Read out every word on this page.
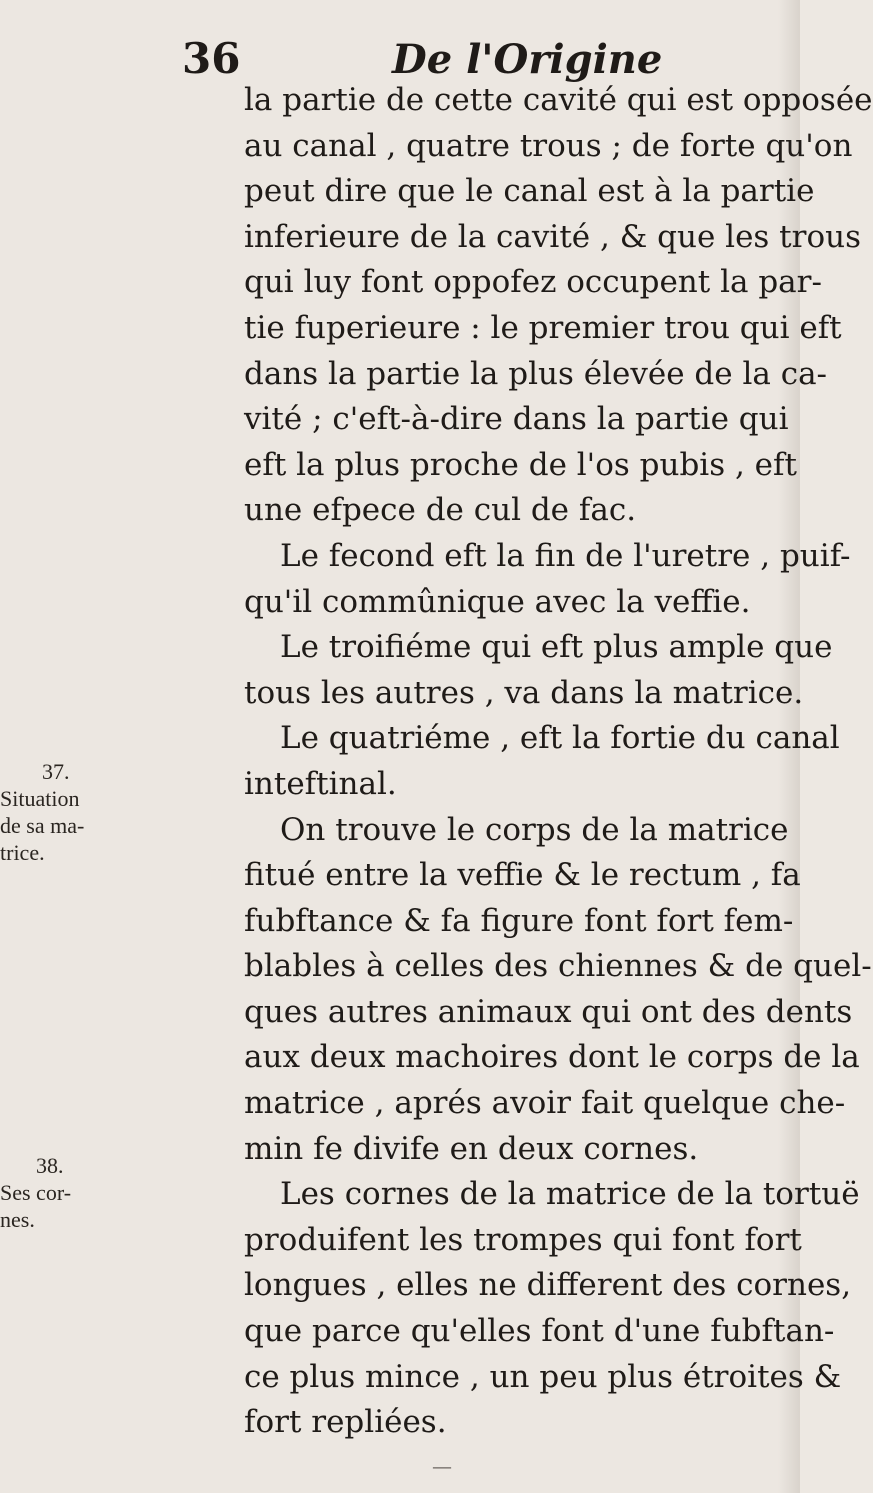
36	De l'Origine
37.
Situation
de sa ma-
trice.
38.
Ses cor-
nes.
la partie de cette cavité qui est opposée
au canal , quatre trous ; de forte qu'on
peut dire que le canal est à la partie
inferieure de la cavité , & que les trous
qui luy font oppofez occupent la par-
tie fuperieure : le premier trou qui eft
dans la partie la plus élevée de la ca-
vité ; c'eft-à-dire dans la partie qui
eft la plus proche de l'os pubis , eft
une efpece de cul de fac.
Le fecond eft la fin de l'uretre , puif-
qu'il commûnique avec la veffie.
Le troifiéme qui eft plus ample que
tous les autres , va dans la matrice.
Le quatriéme , eft la fortie du canal
inteftinal.
On trouve le corps de la matrice
fitué entre la veffie & le rectum , fa
fubftance & fa figure font fort fem-
blables à celles des chiennes & de quel-
ques autres animaux qui ont des dents
aux deux machoires dont le corps de la
matrice , aprés avoir fait quelque che-
min fe divife en deux cornes.
Les cornes de la matrice de la tortuë
produifent les trompes qui font fort
longues , elles ne different des cornes,
que parce qu'elles font d'une fubftan-
ce plus mince , un peu plus étroites &
fort repliées.
—
